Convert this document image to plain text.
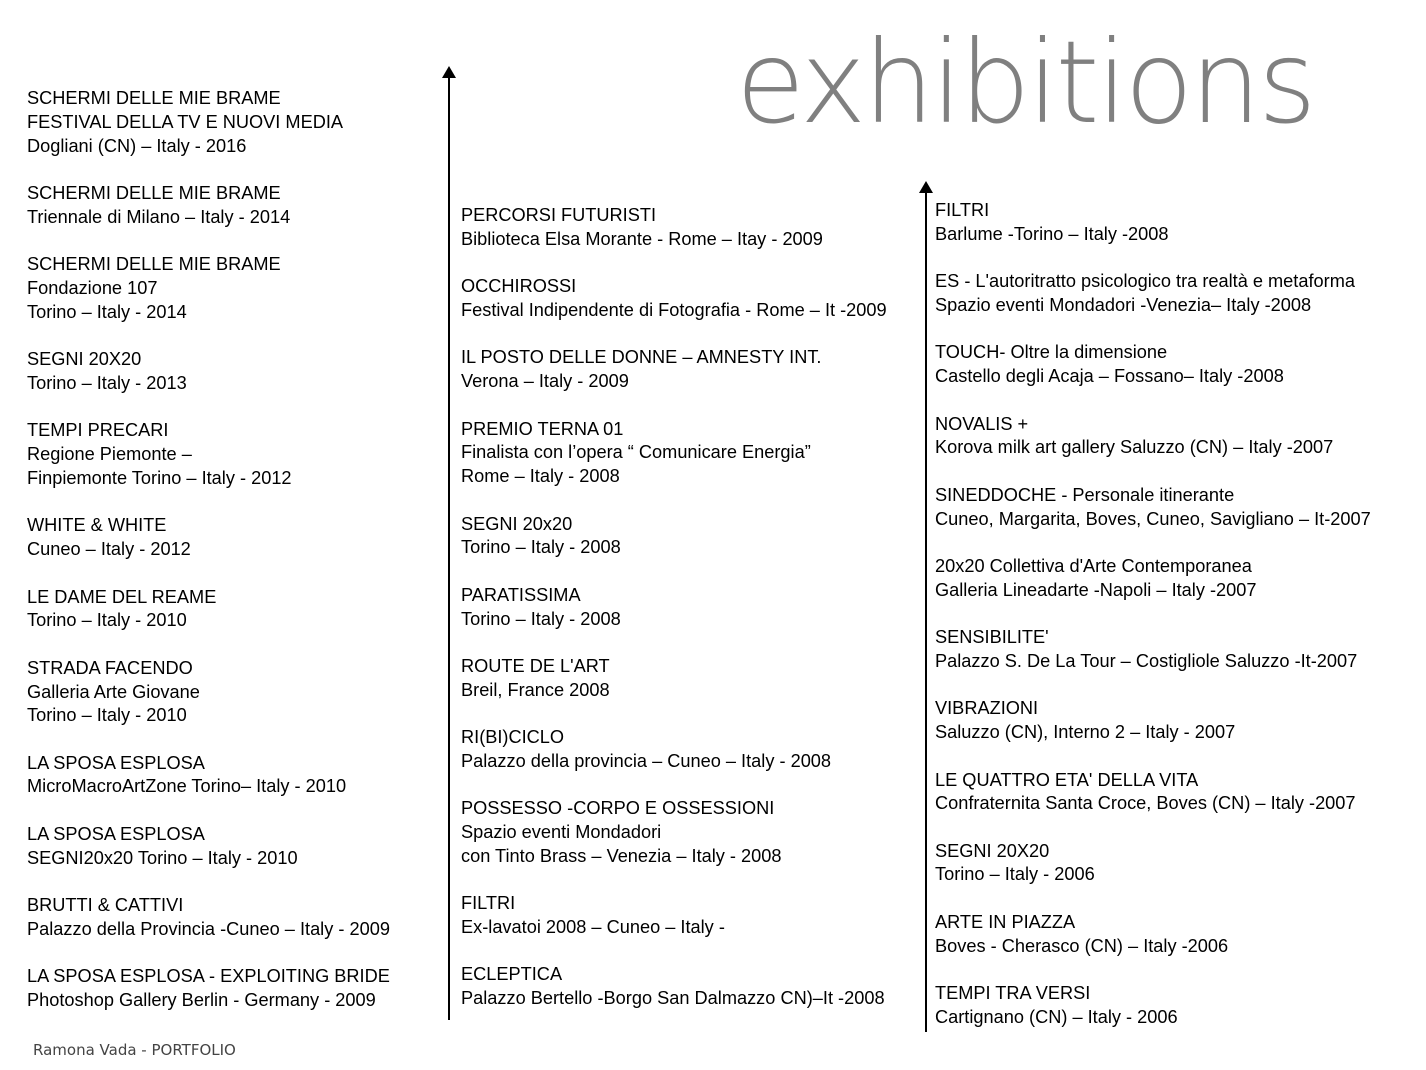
exhibitions
SCHERMI DELLE MIE BRAME
FESTIVAL DELLA TV E NUOVI MEDIA
Dogliani (CN) – Italy - 2016
SCHERMI DELLE MIE BRAME
Triennale di Milano – Italy - 2014
SCHERMI DELLE MIE BRAME
Fondazione 107
Torino – Italy - 2014
SEGNI 20X20
Torino – Italy - 2013
TEMPI PRECARI
Regione Piemonte –
Finpiemonte Torino – Italy - 2012
WHITE & WHITE
Cuneo – Italy - 2012
LE DAME DEL REAME
Torino – Italy - 2010
STRADA FACENDO
Galleria Arte Giovane
Torino – Italy - 2010
LA SPOSA ESPLOSA
MicroMacroArtZone Torino– Italy - 2010
LA SPOSA ESPLOSA
SEGNI20x20 Torino – Italy - 2010
BRUTTI & CATTIVI
Palazzo della Provincia -Cuneo – Italy - 2009
LA SPOSA ESPLOSA - EXPLOITING BRIDE
Photoshop Gallery Berlin - Germany - 2009
PERCORSI FUTURISTI
Biblioteca Elsa Morante - Rome – Itay - 2009
OCCHIROSSI
Festival Indipendente di Fotografia - Rome – It -2009
IL POSTO DELLE DONNE – AMNESTY INT.
Verona – Italy - 2009
PREMIO TERNA 01
Finalista con l’opera “ Comunicare Energia”
Rome – Italy - 2008
SEGNI 20x20
Torino – Italy - 2008
PARATISSIMA
Torino – Italy - 2008
ROUTE DE L'ART
Breil, France 2008
RI(BI)CICLO
Palazzo della provincia – Cuneo – Italy - 2008
POSSESSO -CORPO E OSSESSIONI
Spazio eventi Mondadori
con Tinto Brass – Venezia – Italy - 2008
FILTRI
Ex-lavatoi 2008 – Cuneo – Italy -
ECLEPTICA
Palazzo Bertello -Borgo San Dalmazzo CN)–It -2008
FILTRI
Barlume -Torino – Italy -2008
ES - L'autoritratto psicologico tra realtà e metaforma
Spazio eventi Mondadori -Venezia– Italy -2008
TOUCH- Oltre la dimensione
Castello degli Acaja – Fossano– Italy -2008
NOVALIS +
Korova milk art gallery Saluzzo (CN) – Italy -2007
SINEDDOCHE - Personale itinerante
Cuneo, Margarita, Boves, Cuneo, Savigliano – It-2007
20x20 Collettiva d'Arte Contemporanea
Galleria Lineadarte -Napoli – Italy -2007
SENSIBILITE'
Palazzo S. De La Tour – Costigliole Saluzzo -It-2007
VIBRAZIONI
Saluzzo (CN), Interno 2 – Italy - 2007
LE QUATTRO ETA' DELLA VITA
Confraternita Santa Croce, Boves (CN) – Italy -2007
SEGNI 20X20
Torino – Italy - 2006
ARTE IN PIAZZA
Boves - Cherasco (CN) – Italy -2006
TEMPI TRA VERSI
Cartignano (CN) – Italy - 2006
Ramona Vada - PORTFOLIO
